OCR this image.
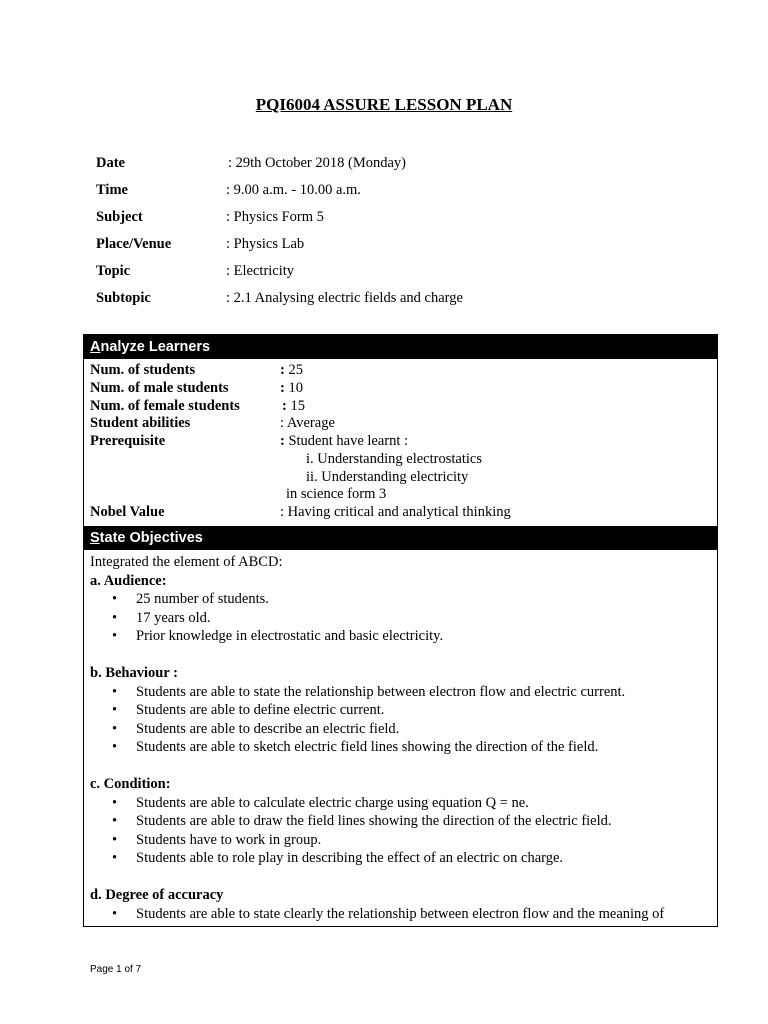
PQI6004 ASSURE LESSON PLAN
Date	: 29th October 2018 (Monday)
Time	: 9.00 a.m. - 10.00 a.m.
Subject	: Physics Form 5
Place/Venue	: Physics Lab
Topic	: Electricity
Subtopic	: 2.1 Analysing electric fields and charge
Analyze Learners
Num. of students	: 25
Num. of male students	: 10
Num. of female students	: 15
Student abilities	: Average
Prerequisite	: Student have learnt :
i. Understanding electrostatics
ii. Understanding electricity
in science form 3
Nobel Value	: Having critical and analytical thinking
State Objectives

Integrated the element of ABCD:

a. Audience:

• 25 number of students.
• 17 years old.
• Prior knowledge in electrostatic and basic electricity.

b. Behaviour :

• Students are able to state the relationship between electron flow and electric current.
• Students are able to define electric current.
• Students are able to describe an electric field.
• Students are able to sketch electric field lines showing the direction of the field.

c. Condition:

• Students are able to calculate electric charge using equation Q = ne.
• Students are able to draw the field lines showing the direction of the electric field.
• Students have to work in group.
• Students able to role play in describing the effect of an electric on charge.

d. Degree of accuracy

• Students are able to state clearly the relationship between electron flow and the meaning of
Page 1 of 7
